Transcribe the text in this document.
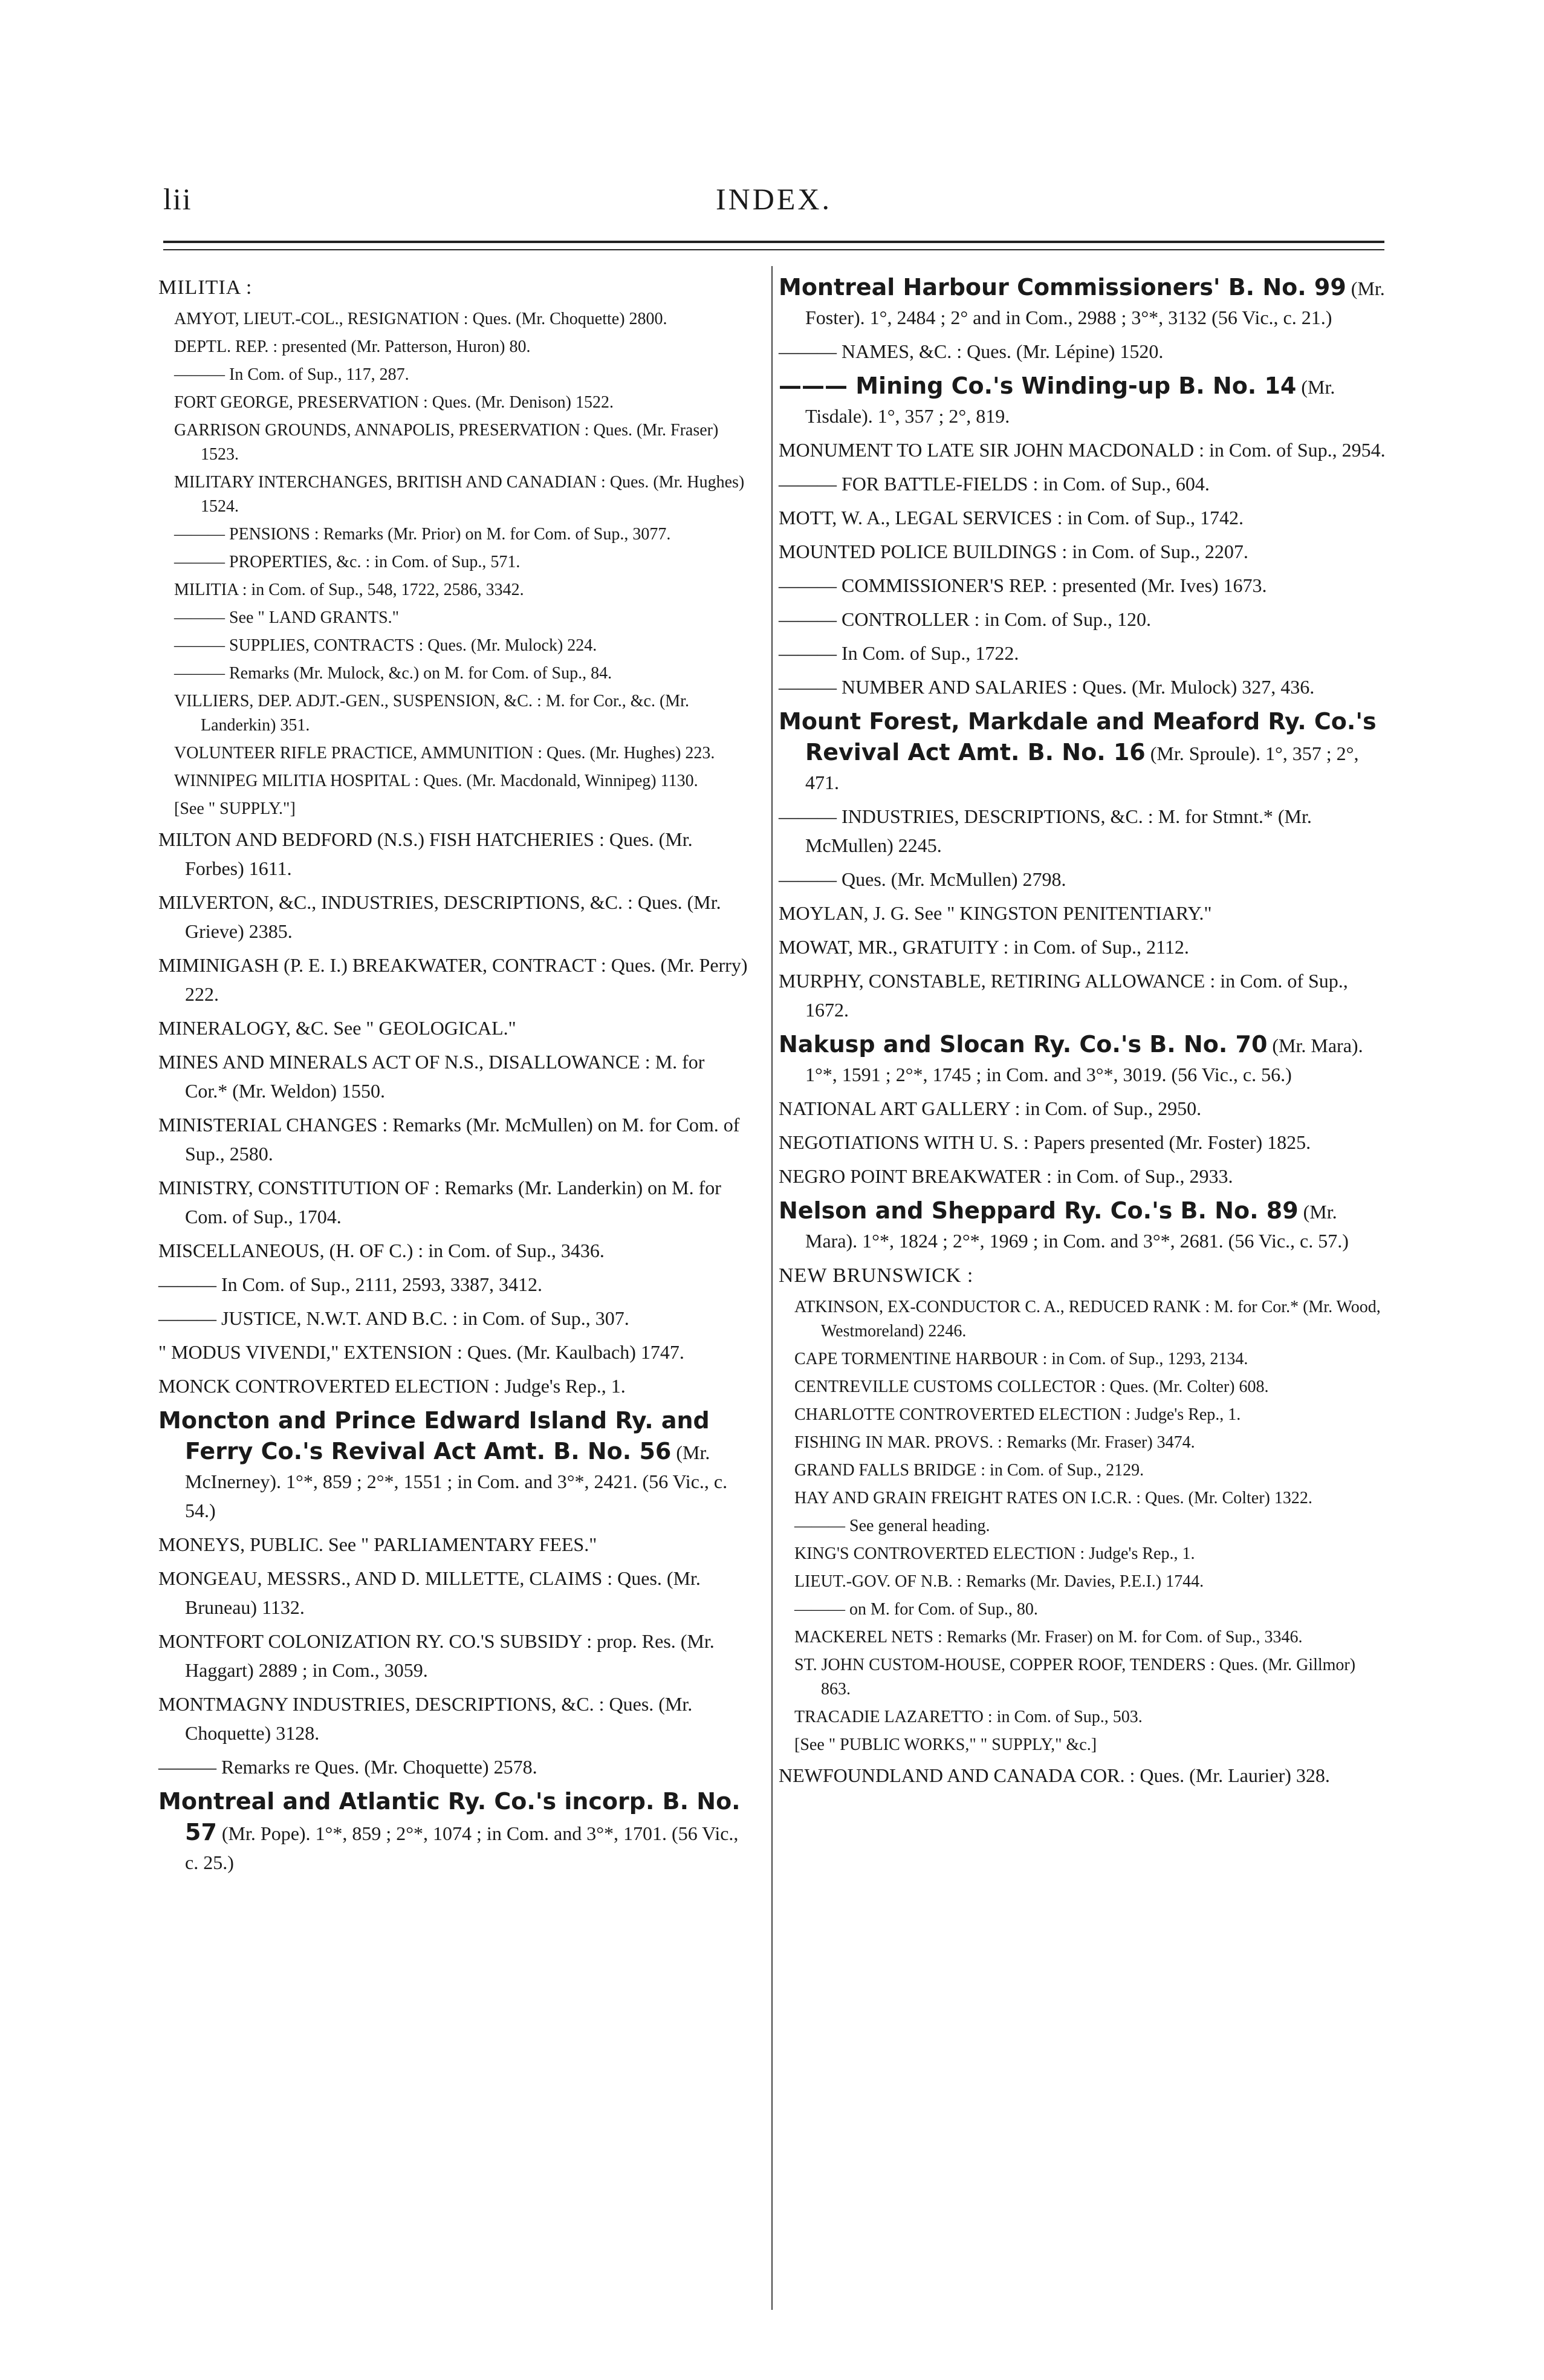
lii	INDEX.
MILITIA :
AMYOT, LIEUT.-COL., RESIGNATION : Ques. (Mr. Choquette) 2800.
DEPTL. REP. : presented (Mr. Patterson, Huron) 80.
——— In Com. of Sup., 117, 287.
FORT GEORGE, PRESERVATION : Ques. (Mr. Denison) 1522.
GARRISON GROUNDS, ANNAPOLIS, PRESERVATION : Ques. (Mr. Fraser) 1523.
MILITARY INTERCHANGES, BRITISH AND CANADIAN : Ques. (Mr. Hughes) 1524.
——— PENSIONS : Remarks (Mr. Prior) on M. for Com. of Sup., 3077.
——— PROPERTIES, &c. : in Com. of Sup., 571.
MILITIA : in Com. of Sup., 548, 1722, 2586, 3342.
——— See " LAND GRANTS."
——— SUPPLIES, CONTRACTS : Ques. (Mr. Mulock) 224.
——— Remarks (Mr. Mulock, &c.) on M. for Com. of Sup., 84.
VILLIERS, DEP. ADJT.-GEN., SUSPENSION, &C. : M. for Cor., &c. (Mr. Landerkin) 351.
VOLUNTEER RIFLE PRACTICE, AMMUNITION : Ques. (Mr. Hughes) 223.
WINNIPEG MILITIA HOSPITAL : Ques. (Mr. Macdonald, Winnipeg) 1130.
[See " SUPPLY."]
MILTON AND BEDFORD (N.S.) FISH HATCHERIES : Ques. (Mr. Forbes) 1611.
MILVERTON, &C., INDUSTRIES, DESCRIPTIONS, &C. : Ques. (Mr. Grieve) 2385.
MIMINIGASH (P. E. I.) BREAKWATER, CONTRACT : Ques. (Mr. Perry) 222.
MINERALOGY, &C. See " GEOLOGICAL."
MINES AND MINERALS ACT OF N.S., DISALLOWANCE : M. for Cor.* (Mr. Weldon) 1550.
MINISTERIAL CHANGES : Remarks (Mr. McMullen) on M. for Com. of Sup., 2580.
MINISTRY, CONSTITUTION OF : Remarks (Mr. Landerkin) on M. for Com. of Sup., 1704.
MISCELLANEOUS, (H. OF C.) : in Com. of Sup., 3436.
——— In Com. of Sup., 2111, 2593, 3387, 3412.
——— JUSTICE, N.W.T. AND B.C. : in Com. of Sup., 307.
" MODUS VIVENDI," EXTENSION : Ques. (Mr. Kaulbach) 1747.
MONCK CONTROVERTED ELECTION : Judge's Rep., 1.
Moncton and Prince Edward Island Ry. and Ferry Co.'s Revival Act Amt. B. No. 56 (Mr. McInerney). 1°*, 859 ; 2°*, 1551 ; in Com. and 3°*, 2421. (56 Vic., c. 54.)
MONEYS, PUBLIC. See " PARLIAMENTARY FEES."
MONGEAU, MESSRS., AND D. MILLETTE, CLAIMS : Ques. (Mr. Bruneau) 1132.
MONTFORT COLONIZATION RY. CO.'S SUBSIDY : prop. Res. (Mr. Haggart) 2889 ; in Com., 3059.
MONTMAGNY INDUSTRIES, DESCRIPTIONS, &C. : Ques. (Mr. Choquette) 3128.
——— Remarks re Ques. (Mr. Choquette) 2578.
Montreal and Atlantic Ry. Co.'s incorp. B. No. 57 (Mr. Pope). 1°*, 859 ; 2°*, 1074 ; in Com. and 3°*, 1701. (56 Vic., c. 25.)
Montreal Harbour Commissioners' B. No. 99 (Mr. Foster). 1°, 2484 ; 2° and in Com., 2988 ; 3°*, 3132 (56 Vic., c. 21.)
——— NAMES, &C. : Ques. (Mr. Lépine) 1520.
——— Mining Co.'s Winding-up B. No. 14 (Mr. Tisdale). 1°, 357 ; 2°, 819.
MONUMENT TO LATE SIR JOHN MACDONALD : in Com. of Sup., 2954.
——— FOR BATTLE-FIELDS : in Com. of Sup., 604.
MOTT, W. A., LEGAL SERVICES : in Com. of Sup., 1742.
MOUNTED POLICE BUILDINGS : in Com. of Sup., 2207.
——— COMMISSIONER'S REP. : presented (Mr. Ives) 1673.
——— CONTROLLER : in Com. of Sup., 120.
——— In Com. of Sup., 1722.
——— NUMBER AND SALARIES : Ques. (Mr. Mulock) 327, 436.
Mount Forest, Markdale and Meaford Ry. Co.'s Revival Act Amt. B. No. 16 (Mr. Sproule). 1°, 357 ; 2°, 471.
——— INDUSTRIES, DESCRIPTIONS, &C. : M. for Stmnt.* (Mr. McMullen) 2245.
——— Ques. (Mr. McMullen) 2798.
MOYLAN, J. G. See " KINGSTON PENITENTIARY."
MOWAT, MR., GRATUITY : in Com. of Sup., 2112.
MURPHY, CONSTABLE, RETIRING ALLOWANCE : in Com. of Sup., 1672.
Nakusp and Slocan Ry. Co.'s B. No. 70 (Mr. Mara). 1°*, 1591 ; 2°*, 1745 ; in Com. and 3°*, 3019. (56 Vic., c. 56.)
NATIONAL ART GALLERY : in Com. of Sup., 2950.
NEGOTIATIONS WITH U. S. : Papers presented (Mr. Foster) 1825.
NEGRO POINT BREAKWATER : in Com. of Sup., 2933.
Nelson and Sheppard Ry. Co.'s B. No. 89 (Mr. Mara). 1°*, 1824 ; 2°*, 1969 ; in Com. and 3°*, 2681. (56 Vic., c. 57.)
NEW BRUNSWICK :
ATKINSON, EX-CONDUCTOR C. A., REDUCED RANK : M. for Cor.* (Mr. Wood, Westmoreland) 2246.
CAPE TORMENTINE HARBOUR : in Com. of Sup., 1293, 2134.
CENTREVILLE CUSTOMS COLLECTOR : Ques. (Mr. Colter) 608.
CHARLOTTE CONTROVERTED ELECTION : Judge's Rep., 1.
FISHING IN MAR. PROVS. : Remarks (Mr. Fraser) 3474.
GRAND FALLS BRIDGE : in Com. of Sup., 2129.
HAY AND GRAIN FREIGHT RATES ON I.C.R. : Ques. (Mr. Colter) 1322.
——— See general heading.
KING'S CONTROVERTED ELECTION : Judge's Rep., 1.
LIEUT.-GOV. OF N.B. : Remarks (Mr. Davies, P.E.I.) 1744.
——— on M. for Com. of Sup., 80.
MACKEREL NETS : Remarks (Mr. Fraser) on M. for Com. of Sup., 3346.
ST. JOHN CUSTOM-HOUSE, COPPER ROOF, TENDERS : Ques. (Mr. Gillmor) 863.
TRACADIE LAZARETTO : in Com. of Sup., 503.
[See " PUBLIC WORKS," " SUPPLY," &c.]
NEWFOUNDLAND AND CANADA COR. : Ques. (Mr. Laurier) 328.
